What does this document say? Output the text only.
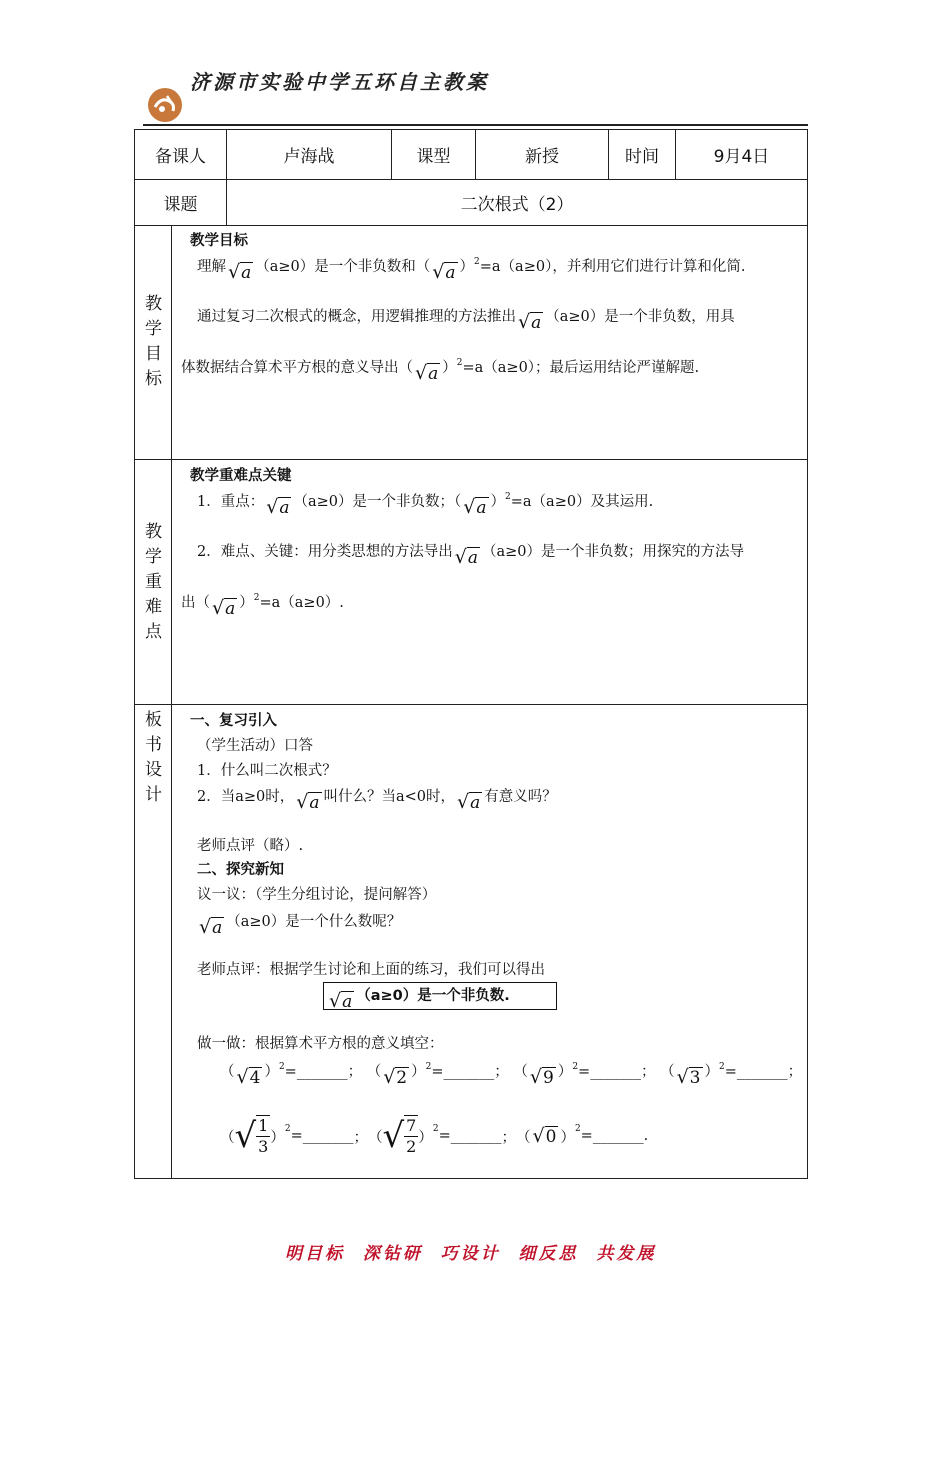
济源市实验中学五环自主教案
备课人	卢海战	课型	新授	时间	9月4日
课题	二次根式（2）
教
学
目
标
教学目标
理解 √a （a≥0）是一个非负数和（ √a ）$^2$=a（a≥0），并利用它们进行计算和化简.
通过复习二次根式的概念，用逻辑推理的方法推出 √a （a≥0）是一个非负数，用具
体数据结合算术平方根的意义导出（ √a ）$^2$=a（a≥0）；最后运用结论严谨解题.
教
学
重
难
点
教学重难点关键
1．重点： √a （a≥0）是一个非负数；（ √a ）$^2$=a（a≥0）及其运用.
2．难点、关键：用分类思想的方法导出 √a （a≥0）是一个非负数；用探究的方法导
出（ √a ）$^2$=a（a≥0）.
板
书
设
计
一、复习引入
（学生活动）口答
1．什么叫二次根式？
2．当a≥0时， √a 叫什么？当a<0时， √a 有意义吗？
老师点评（略）.
二、探究新知
议一议：（学生分组讨论，提问解答）
√a （a≥0）是一个什么数呢？
老师点评：根据学生讨论和上面的练习，我们可以得出
√a （a≥0）是一个非负数.
做一做：根据算术平方根的意义填空：
（ √4 ）$^2$=_______； （ √2 ）$^2$=_______； （ √9 ）$^2$=_______； （ √3 ）$^2$=_______；
（ √ $\frac{1}{3}$ ）
2 =_______ ； （ √ $\frac{7}{2}$ ）
2 =_______ ； （ √0 ）
2 =_______ .
明目标  深钻研  巧设计  细反思  共发展
